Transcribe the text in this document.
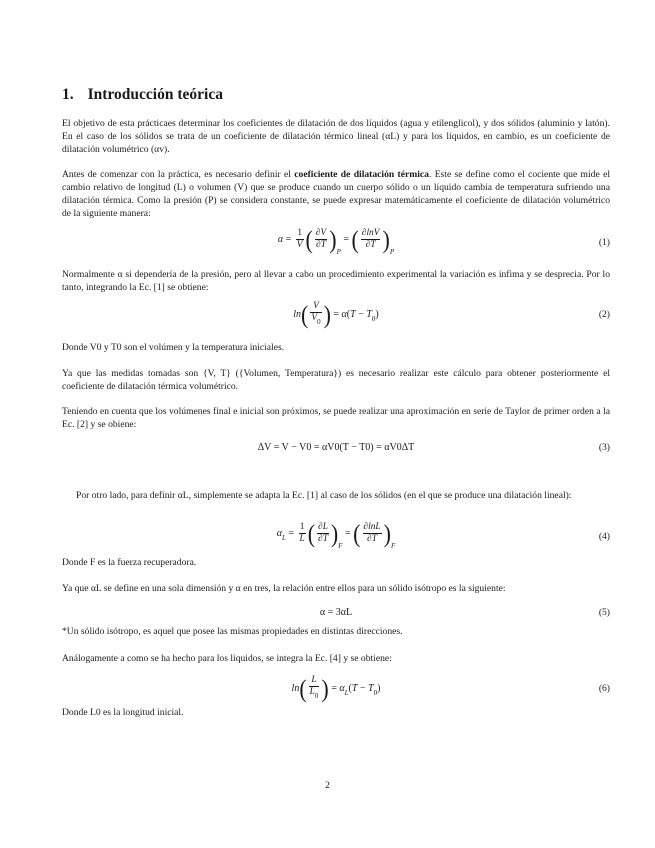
1. Introducción teórica
El objetivo de esta prácticaes determinar los coeficientes de dilatación de dos líquidos (agua y etilenglicol), y dos sólidos (aluminio y latón). En el caso de los sólidos se trata de un coeficiente de dilatación térmico lineal (αL) y para los líquidos, en cambio, es un coeficiente de dilatación volumétrico (αv).
Antes de comenzar con la práctica, es necesario definir el coeficiente de dilatación térmica. Este se define como el cociente que mide el cambio relativo de longitud (L) o volumen (V) que se produce cuando un cuerpo sólido o un líquido cambia de temperatura sufriendo una dilatación térmica. Como la presión (P) se considera constante, se puede expresar matemáticamente el coeficiente de dilatación volumétrico de la siguiente manera:
$\alpha = \frac{1}{V}$ ( $\frac{\partial V}{\partial T} )_P$ = ( $\frac{\partial\ln V}{\partial T} )_P$
(1)
Normalmente α si dependería de la presión, pero al llevar a cabo un procedimiento experimental la variación es ínfima y se desprecia. Por lo tanto, integrando la Ec. [1] se obtiene:
$\ln( \frac{V}{V_0}$ ) = $\alpha(T - T_0)$	(2)
Donde V0 y T0 son el volúmen y la temperatura iniciales.
Ya que las medidas tomadas son {V, T} ({Volumen, Temperatura}) es necesario realizar este cálculo para obtener posteriormente el coeficiente de dilatación térmica volumétrico.
Teniendo en cuenta que los volúmenes final e inicial son próximos, se puede realizar una aproximación en serie de Taylor de primer orden a la Ec. [2] y se obiene:
ΔV = V − V0 = αV0(T − T0) = αV0ΔT	(3)
Por otro lado, para definir αL, simplemente se adapta la Ec. [1] al caso de los sólidos (en el que se produce una dilatación lineal):
$\alpha_L = \frac{1}{L}$ ( $\frac{\partial L}{\partial T} )_F$ = ( $\frac{\partial\ln L}{\partial T} )_F$
(4)
Donde F es la fuerza recuperadora.
Ya que αL se define en una sola dimensión y α en tres, la relación entre ellos para un sólido isótropo es la siguiente:
α = 3αL	(5)
*Un sólido isótropo, es aquel que posee las mismas propiedades en distintas direcciones.
Análogamente a como se ha hecho para los líquidos, se integra la Ec. [4] y se obtiene:
$\ln( \frac{L}{L_0}$ ) = $\alpha_L(T - T_0)$	(6)
Donde L0 es la longitud inicial.
2
